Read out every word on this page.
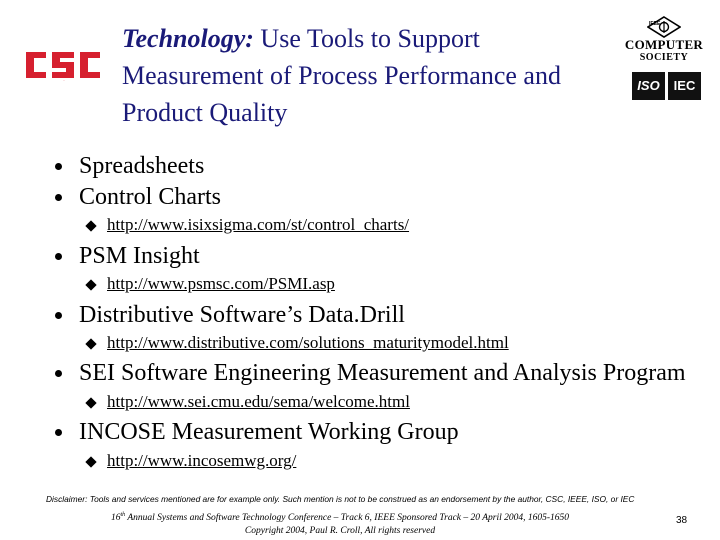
CSC
Technology: Use Tools to Support
Measurement of Process Performance and
Product Quality
IEEE
COMPUTER
SOCIETY
ISO	IEC
Spreadsheets
Control Charts
http://www.isixsigma.com/st/control_charts/
PSM Insight
http://www.psmsc.com/PSMI.asp
Distributive Software’s Data.Drill
http://www.distributive.com/solutions_maturitymodel.html
SEI Software Engineering Measurement and Analysis Program
http://www.sei.cmu.edu/sema/welcome.html
INCOSE Measurement Working Group
http://www.incosemwg.org/
Disclaimer: Tools and services mentioned are for example only. Such mention is not to be construed as an endorsement by the author, CSC, IEEE, ISO, or IEC
16th Annual Systems and Software Technology Conference – Track 6, IEEE Sponsored Track – 20 April 2004, 1605-1650
Copyright 2004, Paul R. Croll, All rights reserved
38
